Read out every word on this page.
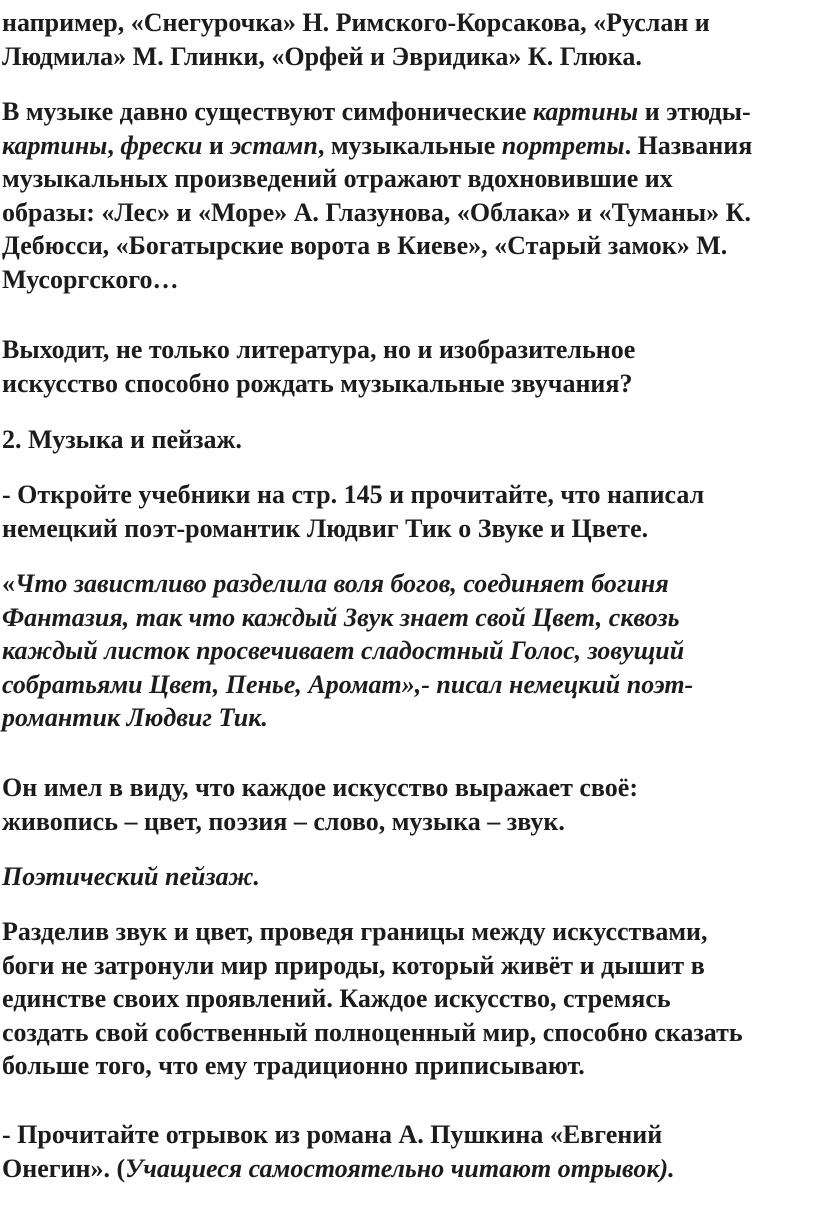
например, «Снегурочка» Н. Римского-Корсакова, «Руслан и
Людмила» М. Глинки, «Орфей и Эвридика» К. Глюка.

В музыке давно существуют симфонические картины и этюды-
картины, фрески и эстамп, музыкальные портреты. Названия
музыкальных произведений отражают вдохновившие их
образы: «Лес» и «Море» А. Глазунова, «Облака» и «Туманы» К.
Дебюсси, «Богатырские ворота в Киеве», «Старый замок» М.
Мусоргского…

Выходит, не только литература, но и изобразительное
искусство способно рождать музыкальные звучания?

2. Музыка и пейзаж.

- Откройте учебники на стр. 145 и прочитайте, что написал
немецкий поэт-романтик Людвиг Тик о Звуке и Цвете.

«Что завистливо разделила воля богов, соединяет богиня
Фантазия, так что каждый Звук знает свой Цвет, сквозь
каждый листок просвечивает сладостный Голос, зовущий
собратьями Цвет, Пенье, Аромат»,- писал немецкий поэт-
романтик Людвиг Тик.

Он имел в виду, что каждое искусство выражает своё:
живопись – цвет, поэзия – слово, музыка – звук.

Поэтический пейзаж.

Разделив звук и цвет, проведя границы между искусствами,
боги не затронули мир природы, который живёт и дышит в
единстве своих проявлений. Каждое искусство, стремясь
создать свой собственный полноценный мир, способно сказать
больше того, что ему традиционно приписывают.

- Прочитайте отрывок из романа А. Пушкина «Евгений
Онегин». (Учащиеся самостоятельно читают отрывок).
